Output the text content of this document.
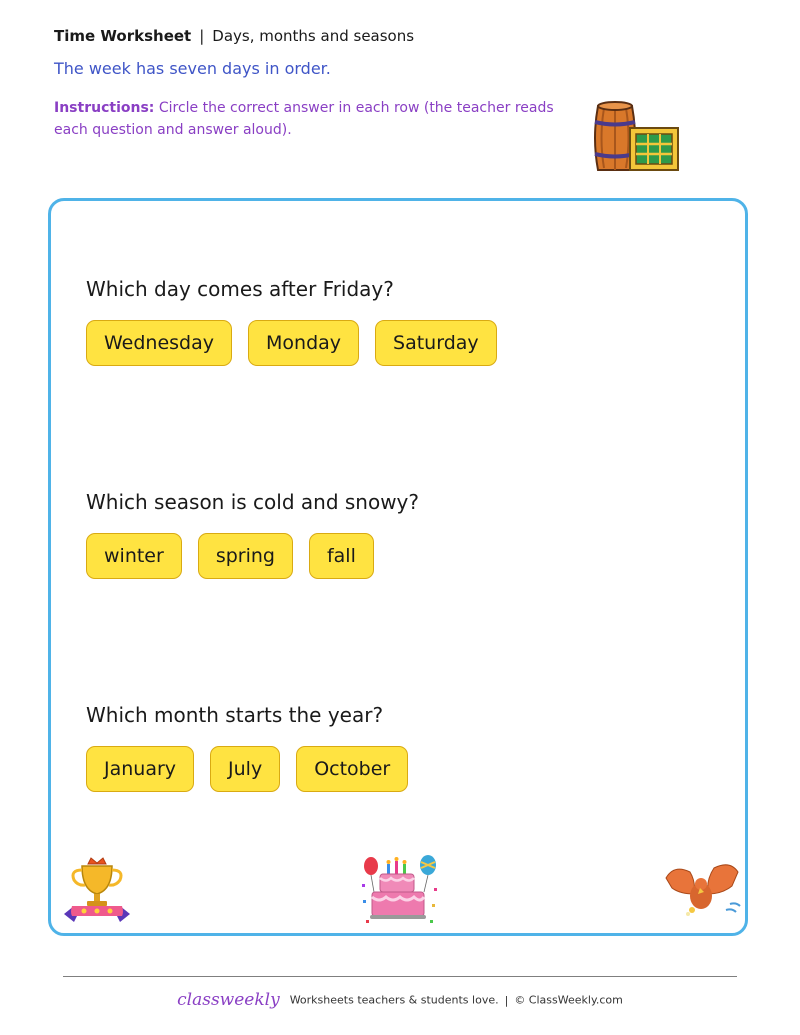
Time Worksheet | Days, months and seasons
The week has seven days in order.
Instructions: Circle the correct answer in each row (the teacher reads each question and answer aloud).
Which day comes after Friday?
Wednesday	Monday	Saturday
Which season is cold and snowy?
winter	spring	fall
Which month starts the year?
January	July	October
classweekly Worksheets teachers & students love. | © ClassWeekly.com
